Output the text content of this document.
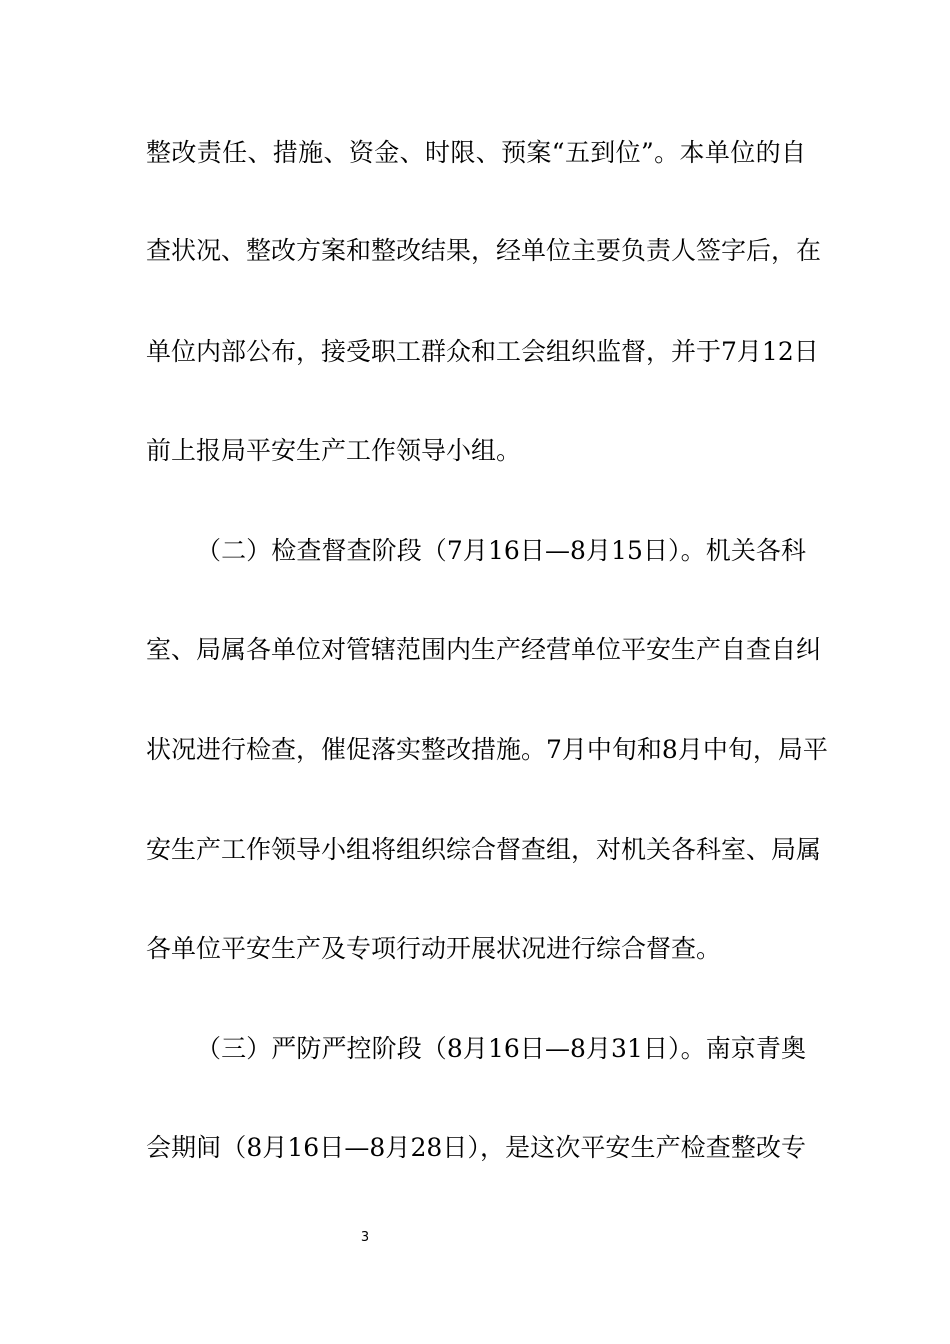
整改责任、措施、资金、时限、预案“五到位”。本单位的自
查状况、整改方案和整改结果，经单位主要负责人签字后，在
单位内部公布，接受职工群众和工会组织监督，并于7月12日
前上报局平安生产工作领导小组。
（二）检查督查阶段（7月16日—8月15日）。机关各科
室、局属各单位对管辖范围内生产经营单位平安生产自查自纠
状况进行检查，催促落实整改措施。7月中旬和8月中旬，局平
安生产工作领导小组将组织综合督查组，对机关各科室、局属
各单位平安生产及专项行动开展状况进行综合督查。
（三）严防严控阶段（8月16日—8月31日）。南京青奥
会期间（8月16日—8月28日），是这次平安生产检查整改专
3
